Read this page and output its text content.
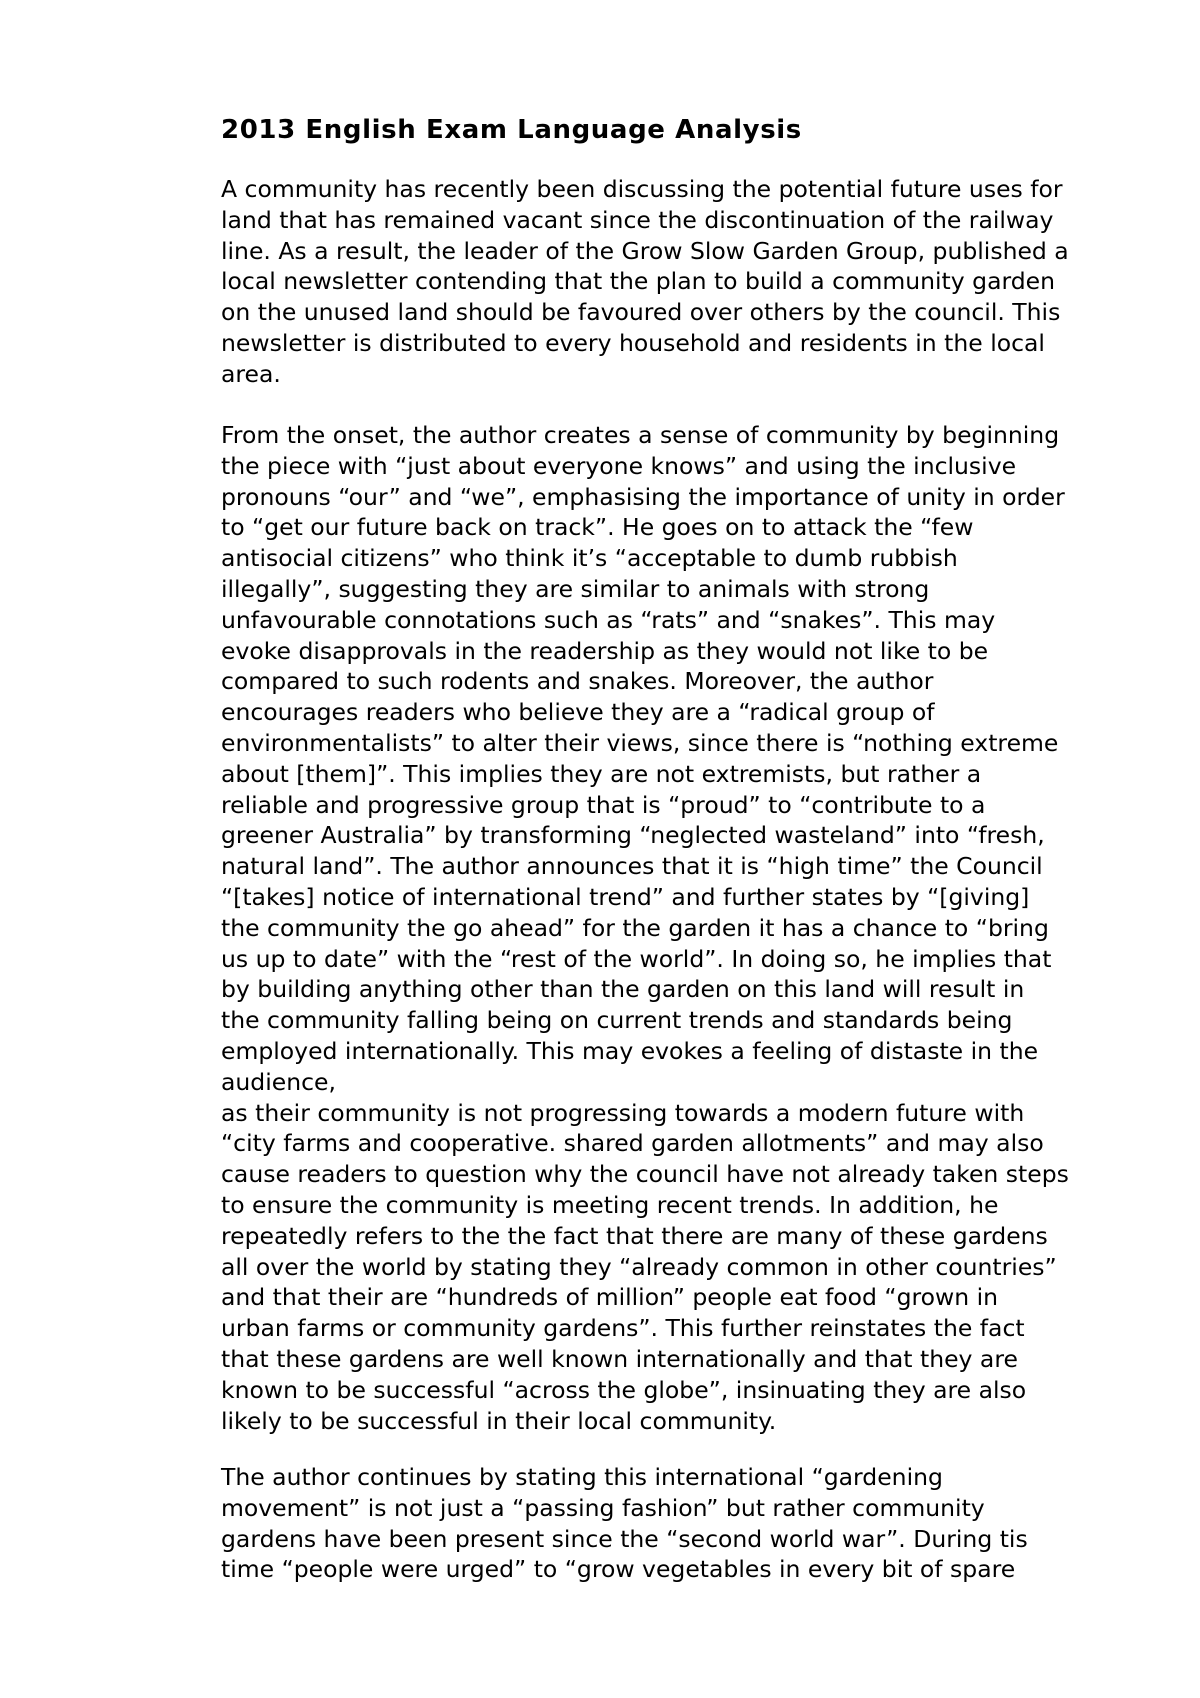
2013 English Exam Language Analysis
A community has recently been discussing the potential future uses for
land that has remained vacant since the discontinuation of the railway
line. As a result, the leader of the Grow Slow Garden Group, published a
local newsletter contending that the plan to build a community garden
on the unused land should be favoured over others by the council. This
newsletter is distributed to every household and residents in the local
area.
From the onset, the author creates a sense of community by beginning
the piece with “just about everyone knows” and using the inclusive
pronouns “our” and “we”, emphasising the importance of unity in order
to “get our future back on track”. He goes on to attack the “few
antisocial citizens” who think it’s “acceptable to dumb rubbish
illegally”, suggesting they are similar to animals with strong
unfavourable connotations such as “rats” and “snakes”. This may
evoke disapprovals in the readership as they would not like to be
compared to such rodents and snakes. Moreover, the author
encourages readers who believe they are a “radical group of
environmentalists” to alter their views, since there is “nothing extreme
about [them]”. This implies they are not extremists, but rather a
reliable and progressive group that is “proud” to “contribute to a
greener Australia” by transforming “neglected wasteland” into “fresh,
natural land”. The author announces that it is “high time” the Council
“[takes] notice of international trend” and further states by “[giving]
the community the go ahead” for the garden it has a chance to “bring
us up to date” with the “rest of the world”. In doing so, he implies that
by building anything other than the garden on this land will result in
the community falling being on current trends and standards being
employed internationally. This may evokes a feeling of distaste in the
audience,
as their community is not progressing towards a modern future with
“city farms and cooperative. shared garden allotments” and may also
cause readers to question why the council have not already taken steps
to ensure the community is meeting recent trends. In addition, he
repeatedly refers to the the fact that there are many of these gardens
all over the world by stating they “already common in other countries”
and that their are “hundreds of million” people eat food “grown in
urban farms or community gardens”. This further reinstates the fact
that these gardens are well known internationally and that they are
known to be successful “across the globe”, insinuating they are also
likely to be successful in their local community.
The author continues by stating this international “gardening
movement” is not just a “passing fashion” but rather community
gardens have been present since the “second world war”. During tis
time “people were urged” to “grow vegetables in every bit of spare
